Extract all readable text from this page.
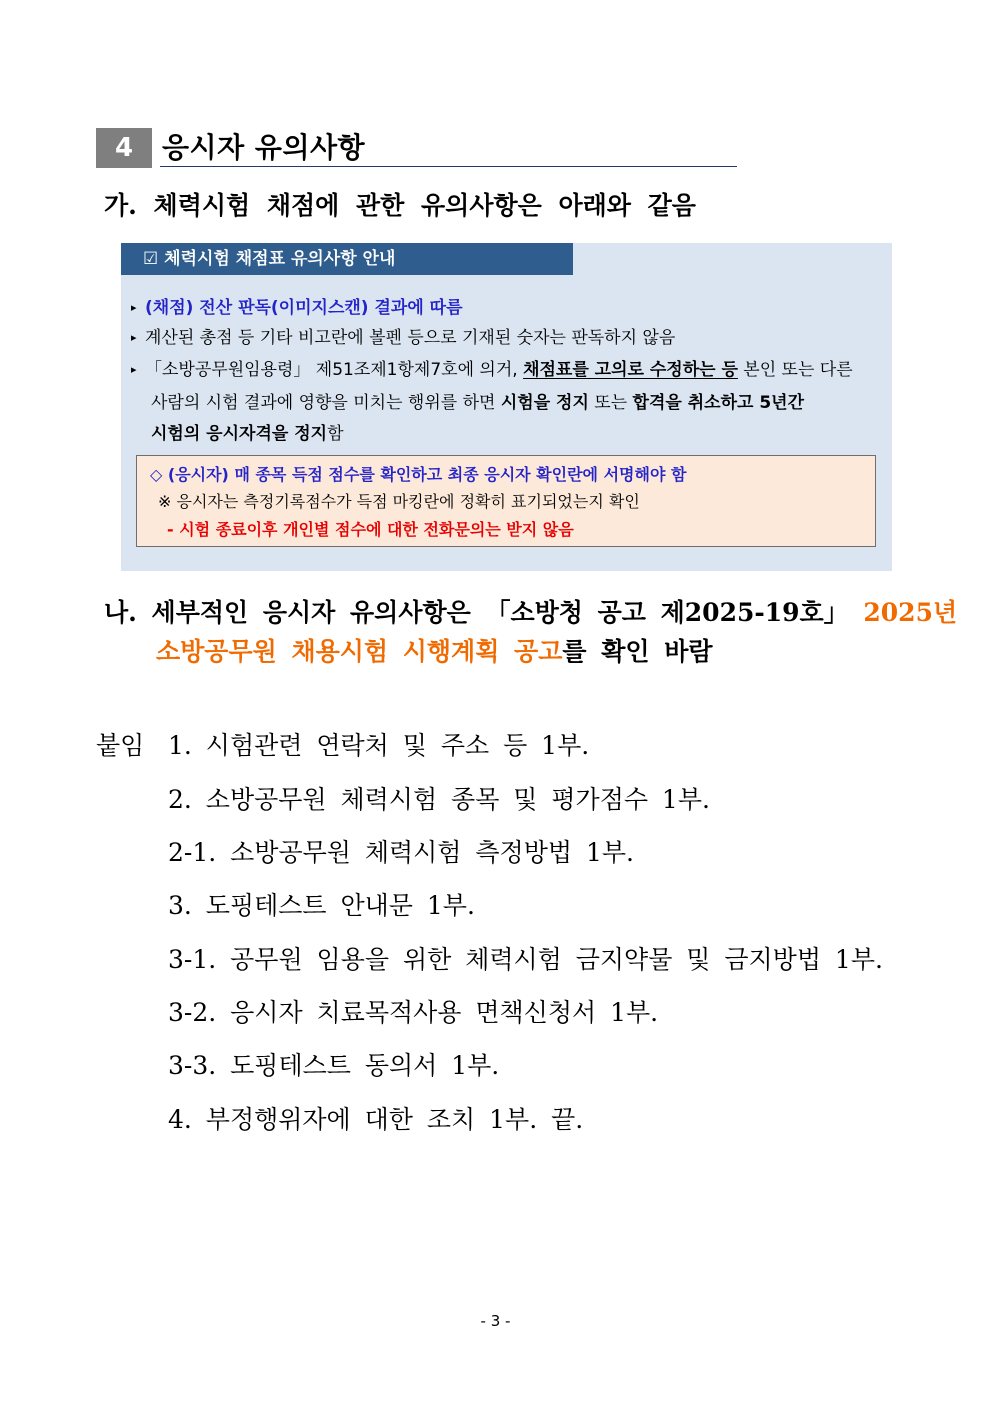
4	응시자 유의사항
가. 체력시험 채점에 관한 유의사항은 아래와 같음
☑ 체력시험 채점표 유의사항 안내
▸ (채점) 전산 판독(이미지스캔) 결과에 따름
▸ 계산된 총점 등 기타 비고란에 볼펜 등으로 기재된 숫자는 판독하지 않음
▸ 「소방공무원임용령」 제51조제1항제7호에 의거, 채점표를 고의로 수정하는 등 본인 또는 다른
사람의 시험 결과에 영향을 미치는 행위를 하면 시험을 정지 또는 합격을 취소하고 5년간
시험의 응시자격을 정지함
◇ (응시자) 매 종목 득점 점수를 확인하고 최종 응시자 확인란에 서명해야 함
※ 응시자는 측정기록점수가 득점 마킹란에 정확히 표기되었는지 확인
- 시험 종료이후 개인별 점수에 대한 전화문의는 받지 않음
나. 세부적인 응시자 유의사항은 「소방청 공고 제2025-19호」 2025년
소방공무원 채용시험 시행계획 공고를 확인 바람
붙임 1. 시험관련 연락처 및 주소 등 1부.
2. 소방공무원 체력시험 종목 및 평가점수 1부.
2-1. 소방공무원 체력시험 측정방법 1부.
3. 도핑테스트 안내문 1부.
3-1. 공무원 임용을 위한 체력시험 금지약물 및 금지방법 1부.
3-2. 응시자 치료목적사용 면책신청서 1부.
3-3. 도핑테스트 동의서 1부.
4. 부정행위자에 대한 조치 1부. 끝.
- 3 -
